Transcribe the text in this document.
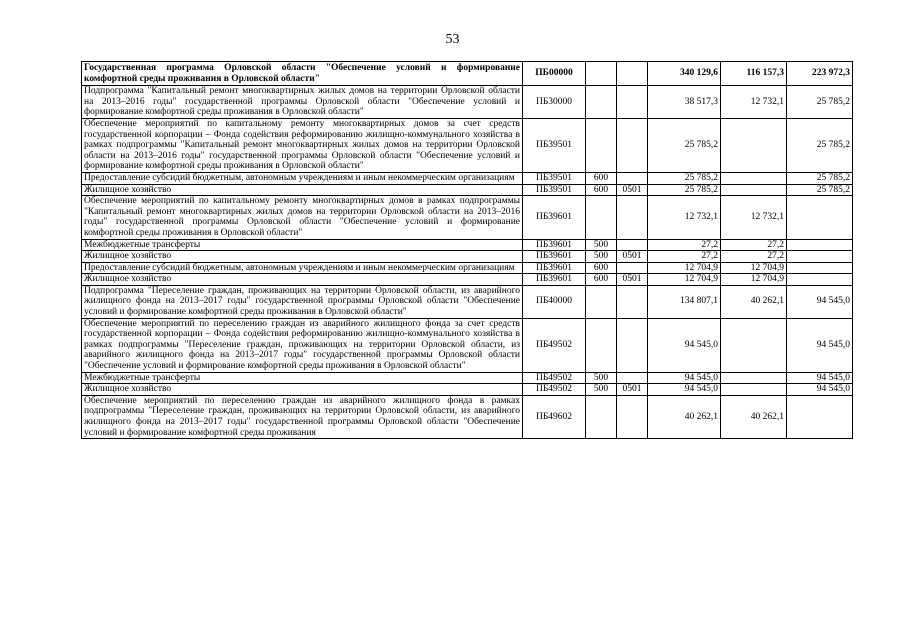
53
Государственная программа Орловской области "Обеспечение условий и формирование комфортной среды проживания в Орловской области"	ПБ00000			340 129,6	116 157,3	223 972,3
Подпрограмма "Капитальный ремонт многоквартирных жилых домов на территории Орловской области на 2013–2016 годы" государственной программы Орловской области "Обеспечение условий и формирование комфортной среды проживания в Орловской области"	ПБ30000			38 517,3	12 732,1	25 785,2
Обеспечение мероприятий по капитальному ремонту многоквартирных домов за счет средств государственной корпорации – Фонда содействия реформированию жилищно-коммунального хозяйства в рамках подпрограммы "Капитальный ремонт многоквартирных жилых домов на территории Орловской области на 2013–2016 годы" государственной программы Орловской области "Обеспечение условий и формирование комфортной среды проживания в Орловской области"	ПБ39501			25 785,2		25 785,2
Предоставление субсидий бюджетным, автономным учреждениям и иным некоммерческим организациям	ПБ39501	600		25 785,2		25 785,2
Жилищное хозяйство	ПБ39501	600	0501	25 785,2		25 785,2
Обеспечение мероприятий по капитальному ремонту многоквартирных домов в рамках подпрограммы "Капитальный ремонт многоквартирных жилых домов на территории Орловской области на 2013–2016 годы" государственной программы Орловской области "Обеспечение условий и формирование комфортной среды проживания в Орловской области"	ПБ39601			12 732,1	12 732,1	
Межбюджетные трансферты	ПБ39601	500		27,2	27,2	
Жилищное хозяйство	ПБ39601	500	0501	27,2	27,2	
Предоставление субсидий бюджетным, автономным учреждениям и иным некоммерческим организациям	ПБ39601	600		12 704,9	12 704,9	
Жилищное хозяйство	ПБ39601	600	0501	12 704,9	12 704,9	
Подпрограмма "Переселение граждан, проживающих на территории Орловской области, из аварийного жилищного фонда на 2013–2017 годы" государственной программы Орловской области "Обеспечение условий и формирование комфортной среды проживания в Орловской области"	ПБ40000			134 807,1	40 262,1	94 545,0
Обеспечение мероприятий по переселению граждан из аварийного жилищного фонда за счет средств государственной корпорации – Фонда содействия реформированию жилищно-коммунального хозяйства в рамках подпрограммы "Переселение граждан, проживающих на территории Орловской области, из аварийного жилищного фонда на 2013–2017 годы" государственной программы Орловской области "Обеспечение условий и формирование комфортной среды проживания в Орловской области"	ПБ49502			94 545,0		94 545,0
Межбюджетные трансферты	ПБ49502	500		94 545,0		94 545,0
Жилищное хозяйство	ПБ49502	500	0501	94 545,0		94 545,0
Обеспечение мероприятий по переселению граждан из аварийного жилищного фонда в рамках подпрограммы "Переселение граждан, проживающих на территории Орловской области, из аварийного жилищного фонда на 2013–2017 годы" государственной программы Орловской области "Обеспечение условий и формирование комфортной среды проживания	ПБ49602			40 262,1	40 262,1	
